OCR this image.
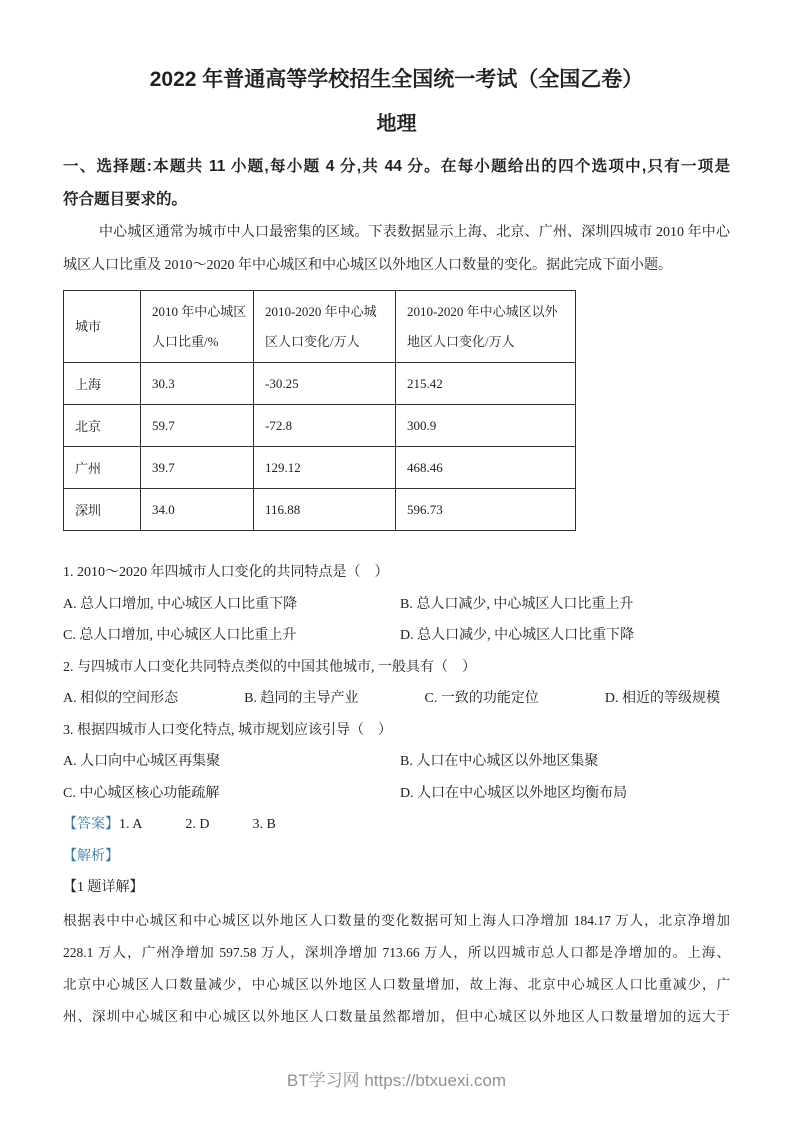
2022 年普通高等学校招生全国统一考试（全国乙卷）
地理
一、选择题:本题共 11 小题,每小题 4 分,共 44 分。在每小题给出的四个选项中,只有一项是
符合题目要求的。
中心城区通常为城市中人口最密集的区域。下表数据显示上海、北京、广州、深圳四城市 2010 年中心
城区人口比重及 2010～2020 年中心城区和中心城区以外地区人口数量的变化。据此完成下面小题。
城市	2010 年中心城区人口比重/%	2010-2020 年中心城区人口变化/万人	2010-2020 年中心城区以外地区人口变化/万人
上海	30.3	-30.25	215.42
北京	59.7	-72.8	300.9
广州	39.7	129.12	468.46
深圳	34.0	116.88	596.73
1. 2010～2020 年四城市人口变化的共同特点是（　）
A. 总人口增加, 中心城区人口比重下降	B. 总人口减少, 中心城区人口比重上升
C. 总人口增加, 中心城区人口比重上升	D. 总人口减少, 中心城区人口比重下降
2. 与四城市人口变化共同特点类似的中国其他城市, 一般具有（　）
A. 相似的空间形态	B. 趋同的主导产业	C. 一致的功能定位	D. 相近的等级规模
3. 根据四城市人口变化特点, 城市规划应该引导（　）
A. 人口向中心城区再集聚	B. 人口在中心城区以外地区集聚
C. 中心城区核心功能疏解	D. 人口在中心城区以外地区均衡布局
【答案】 1. A	2. D	3. B
【解析】
【1 题详解】
根据表中中心城区和中心城区以外地区人口数量的变化数据可知上海人口净增加 184.17 万人，北京净增加
228.1 万人，广州净增加 597.58 万人，深圳净增加 713.66 万人，所以四城市总人口都是净增加的。上海、
北京中心城区人口数量减少，中心城区以外地区人口数量增加，故上海、北京中心城区人口比重减少，广
州、深圳中心城区和中心城区以外地区人口数量虽然都增加，但中心城区以外地区人口数量增加的远大于
BT学习网 https://btxuexi.com
